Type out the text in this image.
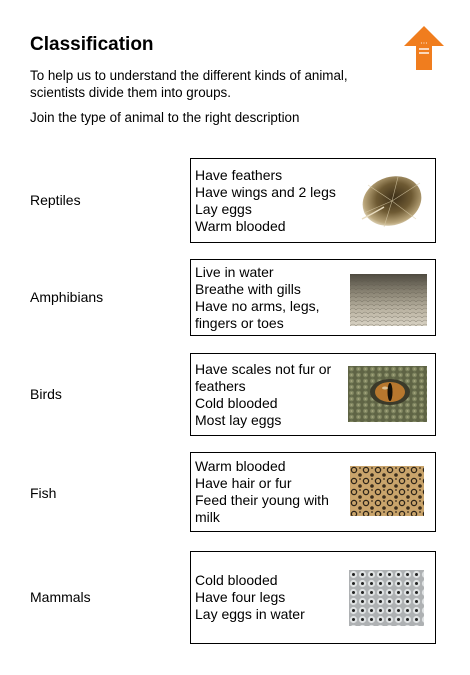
Classification
To help us to understand the different kinds of animal, scientists divide them into groups.
Join the type of animal to the right description
• • •
Reptiles
Amphibians
Birds
Fish
Mammals
Have feathers
Have wings and 2 legs
Lay eggs
Warm blooded
Live in water
Breathe with gills
Have no arms, legs,
fingers or toes
Have scales not fur or
feathers
Cold blooded
Most lay eggs
Warm blooded
Have hair or fur
Feed their young with
milk
Cold blooded
Have four legs
Lay eggs in water
